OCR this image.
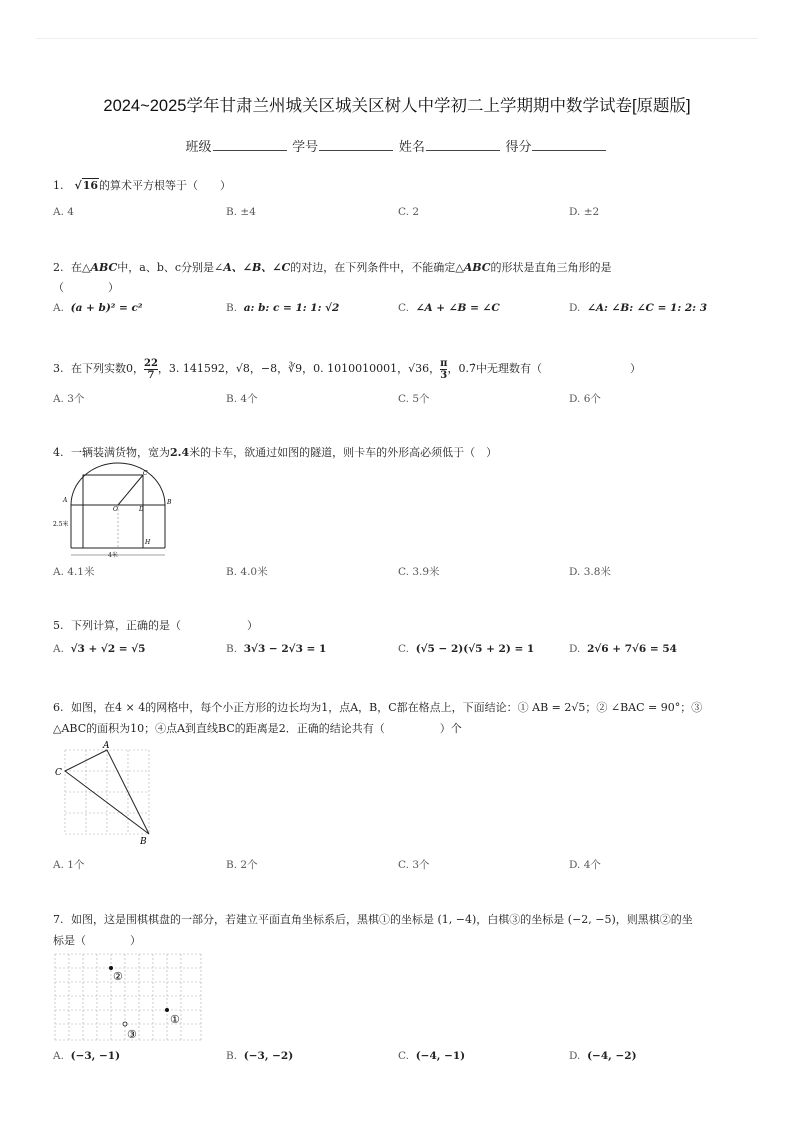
2024~2025学年甘肃兰州城关区城关区树人中学初二上学期期中数学试卷[原题版]
班级	学号	姓名	得分
1. √16的算术平方根等于（　　）
A. 4	B. ±4	C. 2	D. ±2
2. 在△ABC中，a、b、c分别是∠A、∠B、∠C的对边，在下列条件中，不能确定△ABC的形状是直角三角形的是
（　　　　）
A. (a + b)² = c²	B. a: b: c = 1: 1: √2	C. ∠A + ∠B = ∠C	D. ∠A: ∠B: ∠C = 1: 2: 3
3. 在下列实数0， $\frac{22}{7}$ ，3. 141592，√8，−8，∛9，0. 1010010001，√36， $\frac{\pi}{3}$ ，0.7̇中无理数有（　　　　　　　　）
A. 3个	B. 4个	C. 5个	D. 6个
4. 一辆装满货物，宽为2.4米的卡车，欲通过如图的隧道，则卡车的外形高必须低于（　）
C
A	B
O	D
H
2.5米
4米
A. 4.1米	B. 4.0米	C. 3.9米	D. 3.8米
5. 下列计算，正确的是（　　　　　　）
A. √3 + √2 = √5	B. 3√3 − 2√3 = 1	C. (√5 − 2)(√5 + 2) = 1	D. 2√6 + 7√6 = 54
6. 如图，在4 × 4的网格中，每个小正方形的边长均为1，点A，B，C都在格点上，下面结论：① AB = 2√5；② ∠BAC = 90°；③
△ABC的面积为10；④点A到直线BC的距离是2．正确的结论共有（　　　　　）个
A
C
B
A. 1个	B. 2个	C. 3个	D. 4个
7. 如图，这是围棋棋盘的一部分，若建立平面直角坐标系后，黑棋①的坐标是 (1, −4)，白棋③的坐标是 (−2, −5)，则黑棋②的坐
标是（　　　　）
②
①
③
A. (−3, −1)	B. (−3, −2)	C. (−4, −1)	D. (−4, −2)
